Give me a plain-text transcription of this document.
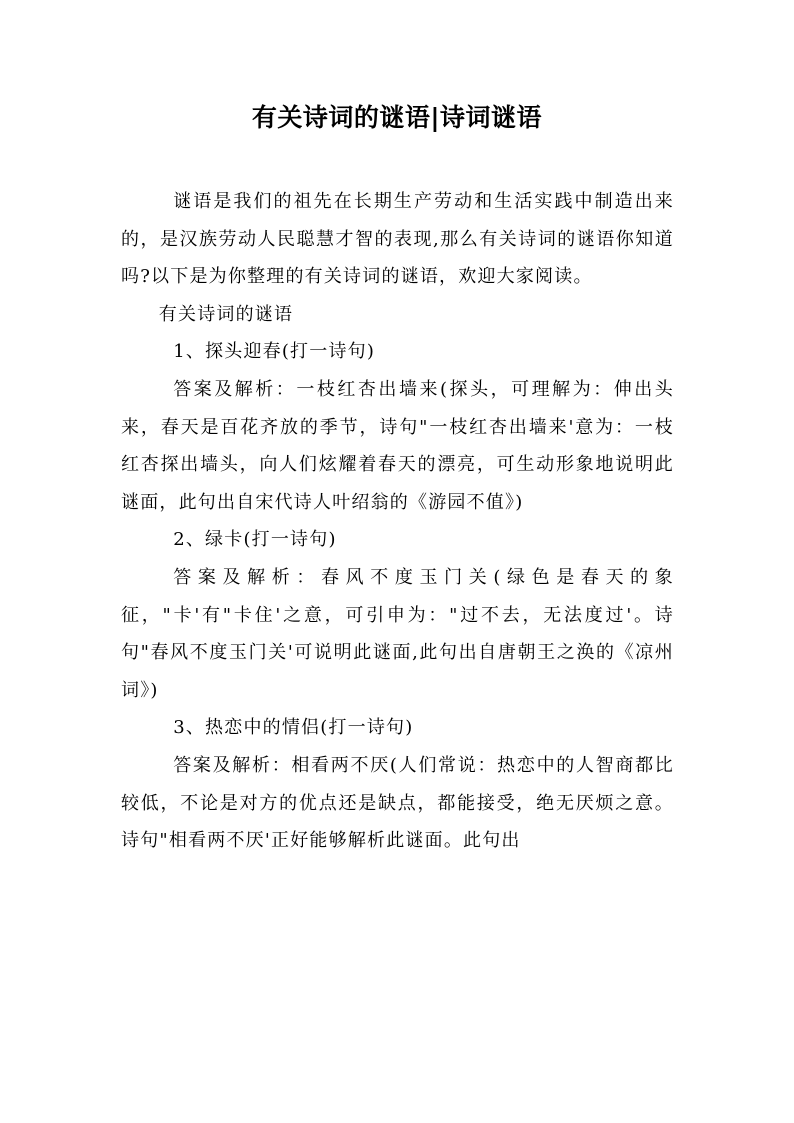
有关诗词的谜语|诗词谜语

谜语是我们的祖先在长期生产劳动和生活实践中制造出来的，是汉族劳动人民聪慧才智的表现,那么有关诗词的谜语你知道吗?以下是为你整理的有关诗词的谜语，欢迎大家阅读。

有关诗词的谜语

1、探头迎春(打一诗句)

答案及解析：一枝红杏出墙来(探头，可理解为：伸出头来，春天是百花齐放的季节，诗句"一枝红杏出墙来'意为：一枝红杏探出墙头，向人们炫耀着春天的漂亮，可生动形象地说明此谜面，此句出自宋代诗人叶绍翁的《游园不值》)

2、绿卡(打一诗句)

答案及解析：春风不度玉门关(绿色是春天的象征，"卡'有"卡住'之意，可引申为："过不去，无法度过'。诗句"春风不度玉门关'可说明此谜面,此句出自唐朝王之涣的《凉州词》)

3、热恋中的情侣(打一诗句)

答案及解析：相看两不厌(人们常说：热恋中的人智商都比较低，不论是对方的优点还是缺点，都能接受，绝无厌烦之意。诗句"相看两不厌'正好能够解析此谜面。此句出
